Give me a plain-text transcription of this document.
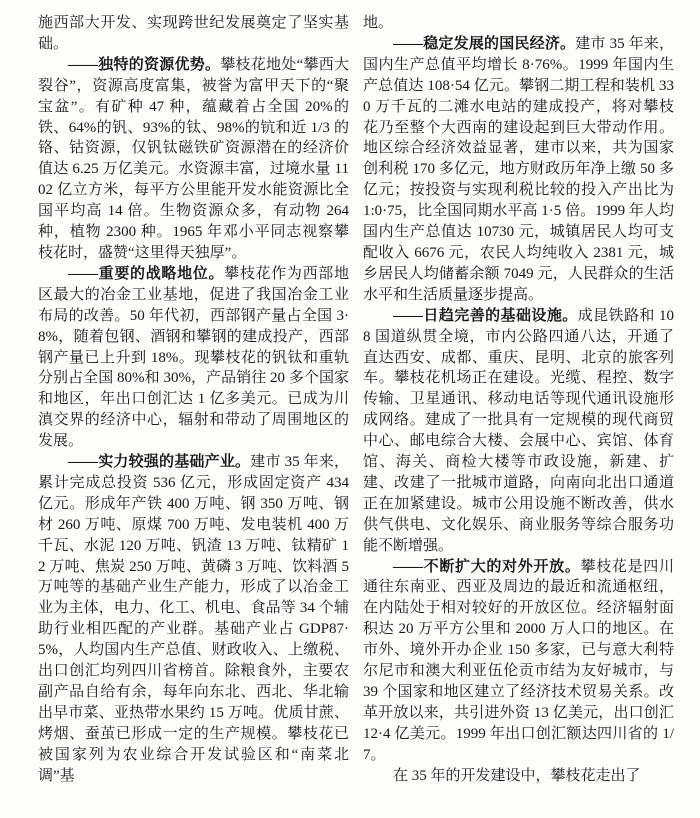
施西部大开发、实现跨世纪发展奠定了坚实基础。

——独特的资源优势。攀枝花地处“攀西大裂谷”，资源高度富集，被誉为富甲天下的“聚宝盆”。有矿种 47 种，蕴藏着占全国 20%的铁、64%的钒、93%的钛、98%的钪和近 1/3 的铬、钴资源，仅钒钛磁铁矿资源潜在的经济价值达 6.25 万亿美元。水资源丰富，过境水量 1102 亿立方米，每平方公里能开发水能资源比全国平均高 14 倍。生物资源众多，有动物 264 种，植物 2300 种。1965 年邓小平同志视察攀枝花时，盛赞“这里得天独厚”。

——重要的战略地位。攀枝花作为西部地区最大的冶金工业基地，促进了我国冶金工业布局的改善。50 年代初，西部钢产量占全国 3·8%，随着包钢、酒钢和攀钢的建成投产，西部钢产量已上升到 18%。现攀枝花的钒钛和重轨分别占全国 80%和 30%，产品销往 20 多个国家和地区，年出口创汇达 1 亿多美元。已成为川滇交界的经济中心，辐射和带动了周围地区的发展。

——实力较强的基础产业。建市 35 年来，累计完成总投资 536 亿元，形成固定资产 434 亿元。形成年产铁 400 万吨、钢 350 万吨、钢材 260 万吨、原煤 700 万吨、发电装机 400 万千瓦、水泥 120 万吨、钒渣 13 万吨、钛精矿 12 万吨、焦炭 250 万吨、黄磷 3 万吨、饮料酒 5 万吨等的基础产业生产能力，形成了以冶金工业为主体，电力、化工、机电、食品等 34 个辅助行业相匹配的产业群。基础产业占 GDP87·5%，人均国内生产总值、财政收入、上缴税、出口创汇均列四川省榜首。除粮食外，主要农副产品自给有余，每年向东北、西北、华北输出早市菜、亚热带水果约 15 万吨。优质甘蔗、烤烟、蚕茧已形成一定的生产规模。攀枝花已被国家列为农业综合开发试验区和“南菜北调”基

地。

——稳定发展的国民经济。建市 35 年来，国内生产总值平均增长 8·76%。1999 年国内生产总值达 108·54 亿元。攀钢二期工程和装机 330 万千瓦的二滩水电站的建成投产，将对攀枝花乃至整个大西南的建设起到巨大带动作用。地区综合经济效益显著，建市以来，共为国家创利税 170 多亿元，地方财政历年净上缴 50 多亿元；按投资与实现利税比较的投入产出比为 1:0·75，比全国同期水平高 1·5 倍。1999 年人均国内生产总值达 10730 元，城镇居民人均可支配收入 6676 元，农民人均纯收入 2381 元，城乡居民人均储蓄余额 7049 元，人民群众的生活水平和生活质量逐步提高。

——日趋完善的基础设施。成昆铁路和 108 国道纵贯全境，市内公路四通八达，开通了直达西安、成都、重庆、昆明、北京的旅客列车。攀枝花机场正在建设。光缆、程控、数字传输、卫星通讯、移动电话等现代通讯设施形成网络。建成了一批具有一定规模的现代商贸中心、邮电综合大楼、会展中心、宾馆、体育馆、海关、商检大楼等市政设施，新建、扩建、改建了一批城市道路，向南向北出口通道正在加紧建设。城市公用设施不断改善，供水供气供电、文化娱乐、商业服务等综合服务功能不断增强。

——不断扩大的对外开放。攀枝花是四川通往东南亚、西亚及周边的最近和流通枢纽，在内陆处于相对较好的开放区位。经济辐射面积达 20 万平方公里和 2000 万人口的地区。在市外、境外开办企业 150 多家，已与意大利特尔尼市和澳大利亚伍伦贡市结为友好城市，与 39 个国家和地区建立了经济技术贸易关系。改革开放以来，共引进外资 13 亿美元，出口创汇 12·4 亿美元。1999 年出口创汇额达四川省的 1/7。

在 35 年的开发建设中，攀枝花走出了
